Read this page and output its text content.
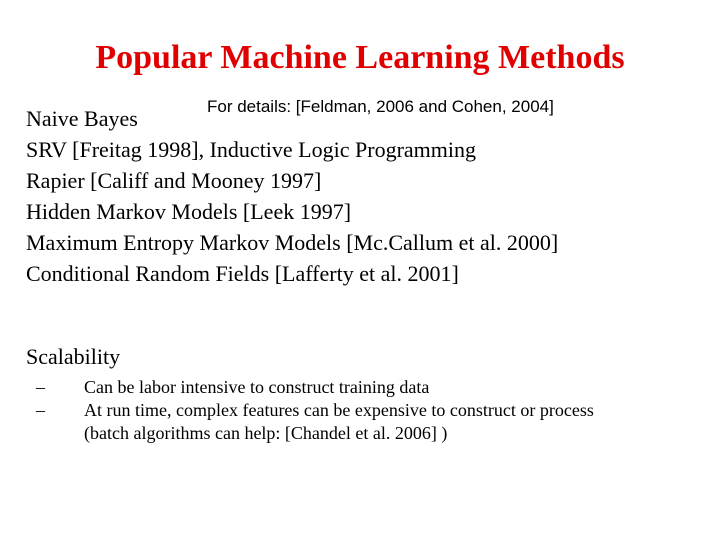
Popular Machine Learning Methods
For details: [Feldman, 2006 and Cohen, 2004]
Naive Bayes
SRV [Freitag 1998], Inductive Logic Programming
Rapier [Califf and Mooney 1997]
Hidden Markov Models [Leek 1997]
Maximum Entropy Markov Models [Mc.Callum et al. 2000]
Conditional Random Fields [Lafferty et al. 2001]
Scalability
– Can be labor intensive to construct training data
– At run time, complex features can be expensive to construct or process
(batch algorithms can help: [Chandel et al. 2006] )
